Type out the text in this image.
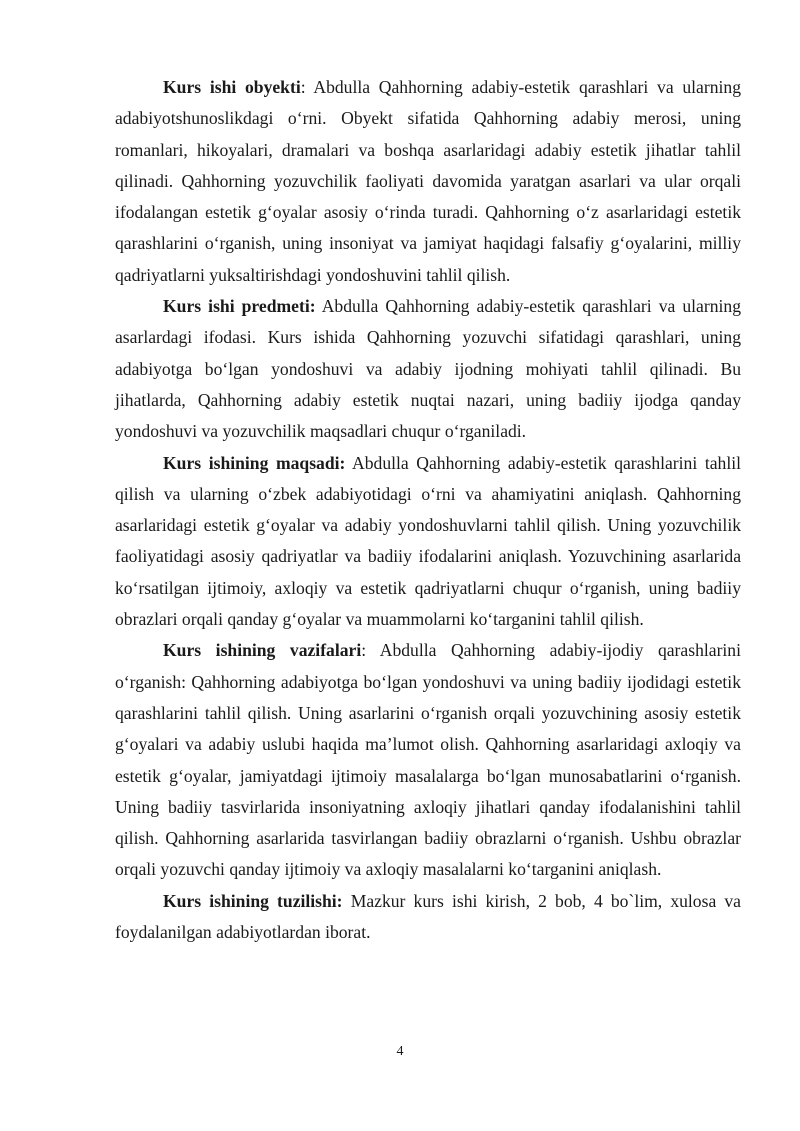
Kurs ishi obyekti: Abdulla Qahhorning adabiy-estetik qarashlari va ularning adabiyotshunoslikdagi o‘rni. Obyekt sifatida Qahhorning adabiy merosi, uning romanlari, hikoyalari, dramalari va boshqa asarlaridagi adabiy estetik jihatlar tahlil qilinadi. Qahhorning yozuvchilik faoliyati davomida yaratgan asarlari va ular orqali ifodalangan estetik g‘oyalar asosiy o‘rinda turadi. Qahhorning o‘z asarlaridagi estetik qarashlarini o‘rganish, uning insoniyat va jamiyat haqidagi falsafiy g‘oyalarini, milliy qadriyatlarni yuksaltirishdagi yondoshuvini tahlil qilish.

Kurs ishi predmeti: Abdulla Qahhorning adabiy-estetik qarashlari va ularning asarlardagi ifodasi. Kurs ishida Qahhorning yozuvchi sifatidagi qarashlari, uning adabiyotga bo‘lgan yondoshuvi va adabiy ijodning mohiyati tahlil qilinadi. Bu jihatlarda, Qahhorning adabiy estetik nuqtai nazari, uning badiiy ijodga qanday yondoshuvi va yozuvchilik maqsadlari chuqur o‘rganiladi.

Kurs ishining maqsadi: Abdulla Qahhorning adabiy-estetik qarashlarini tahlil qilish va ularning o‘zbek adabiyotidagi o‘rni va ahamiyatini aniqlash. Qahhorning asarlaridagi estetik g‘oyalar va adabiy yondoshuvlarni tahlil qilish. Uning yozuvchilik faoliyatidagi asosiy qadriyatlar va badiiy ifodalarini aniqlash. Yozuvchining asarlarida ko‘rsatilgan ijtimoiy, axloqiy va estetik qadriyatlarni chuqur o‘rganish, uning badiiy obrazlari orqali qanday g‘oyalar va muammolarni ko‘targanini tahlil qilish.

Kurs ishining vazifalari: Abdulla Qahhorning adabiy-ijodiy qarashlarini o‘rganish: Qahhorning adabiyotga bo‘lgan yondoshuvi va uning badiiy ijodidagi estetik qarashlarini tahlil qilish. Uning asarlarini o‘rganish orqali yozuvchining asosiy estetik g‘oyalari va adabiy uslubi haqida ma’lumot olish. Qahhorning asarlaridagi axloqiy va estetik g‘oyalar, jamiyatdagi ijtimoiy masalalarga bo‘lgan munosabatlarini o‘rganish. Uning badiiy tasvirlarida insoniyatning axloqiy jihatlari qanday ifodalanishini tahlil qilish. Qahhorning asarlarida tasvirlangan badiiy obrazlarni o‘rganish. Ushbu obrazlar orqali yozuvchi qanday ijtimoiy va axloqiy masalalarni ko‘targanini aniqlash.

Kurs ishining tuzilishi: Mazkur kurs ishi kirish, 2 bob, 4 bo`lim, xulosa va foydalanilgan adabiyotlardan iborat.

4
